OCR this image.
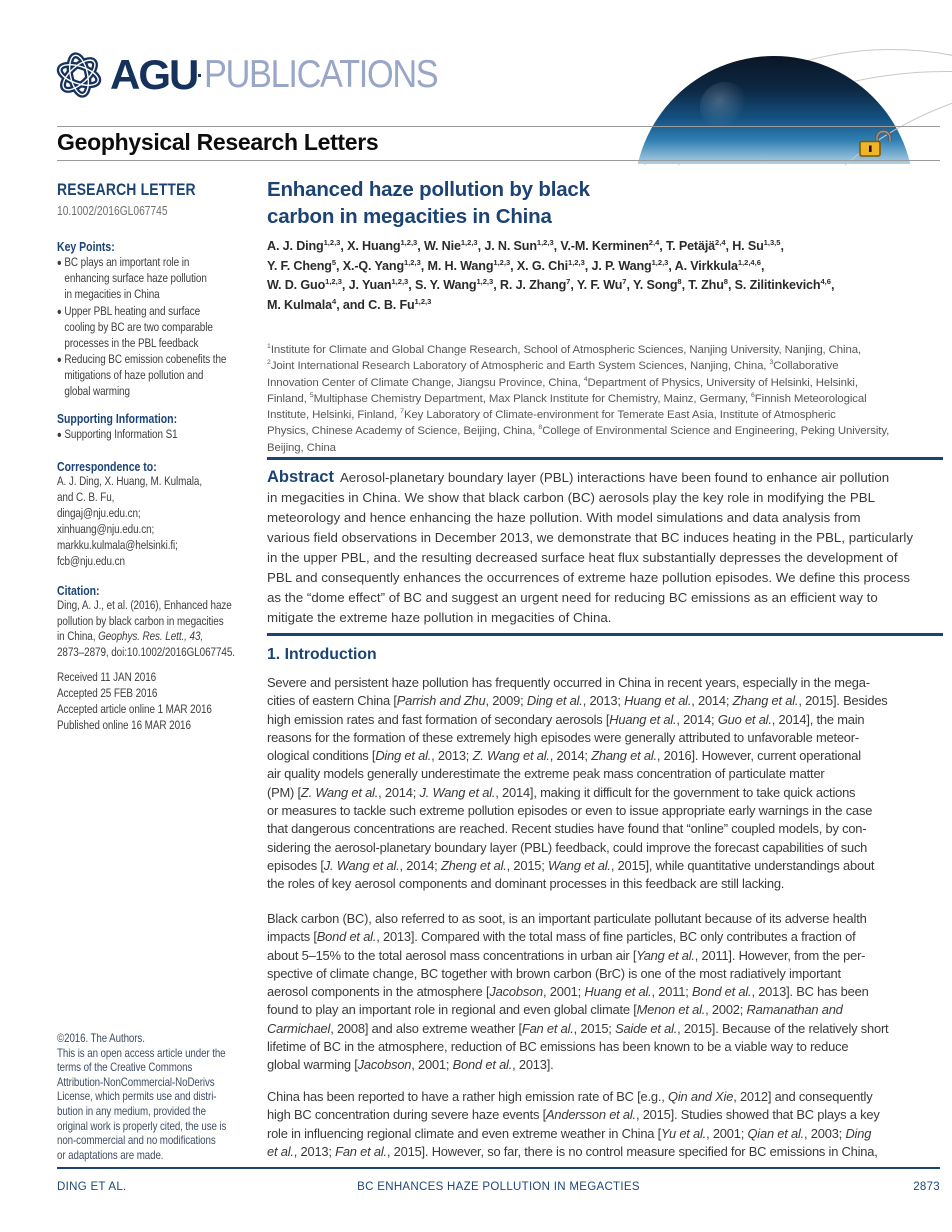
AGU PUBLICATIONS
Geophysical Research Letters
RESEARCH LETTER
10.1002/2016GL067745
Key Points:
• BC plays an important role in
enhancing surface haze pollution
in megacities in China
• Upper PBL heating and surface
cooling by BC are two comparable
processes in the PBL feedback
• Reducing BC emission cobenefits the
mitigations of haze pollution and
global warming
Supporting Information:
• Supporting Information S1
Correspondence to:
A. J. Ding, X. Huang, M. Kulmala,
and C. B. Fu,
dingaj@nju.edu.cn;
xinhuang@nju.edu.cn;
markku.kulmala@helsinki.fi;
fcb@nju.edu.cn
Citation:
Ding, A. J., et al. (2016), Enhanced haze
pollution by black carbon in megacities
in China, Geophys. Res. Lett., 43,
2873–2879, doi:10.1002/2016GL067745.
Received 11 JAN 2016
Accepted 25 FEB 2016
Accepted article online 1 MAR 2016
Published online 16 MAR 2016
©2016. The Authors.
This is an open access article under the
terms of the Creative Commons
Attribution-NonCommercial-NoDerivs
License, which permits use and distri-
bution in any medium, provided the
original work is properly cited, the use is
non-commercial and no modifications
or adaptations are made.
Enhanced haze pollution by black
carbon in megacities in China
A. J. Ding$^{1,2,3}$, X. Huang$^{1,2,3}$, W. Nie$^{1,2,3}$, J. N. Sun$^{1,2,3}$, V.-M. Kerminen$^{2,4}$, T. Petäjä$^{2,4}$, H. Su$^{1,3,5}$,
Y. F. Cheng$^5$, X.-Q. Yang$^{1,2,3}$, M. H. Wang$^{1,2,3}$, X. G. Chi$^{1,2,3}$, J. P. Wang$^{1,2,3}$, A. Virkkula$^{1,2,4,6}$,
W. D. Guo$^{1,2,3}$, J. Yuan$^{1,2,3}$, S. Y. Wang$^{1,2,3}$, R. J. Zhang$^7$, Y. F. Wu$^7$, Y. Song$^8$, T. Zhu$^8$, S. Zilitinkevich$^{4,6}$,
M. Kulmala$^4$, and C. B. Fu$^{1,2,3}$
$^1$Institute for Climate and Global Change Research, School of Atmospheric Sciences, Nanjing University, Nanjing, China,
$^2$Joint International Research Laboratory of Atmospheric and Earth System Sciences, Nanjing, China, $^3$Collaborative
Innovation Center of Climate Change, Jiangsu Province, China, $^4$Department of Physics, University of Helsinki, Helsinki,
Finland, $^5$Multiphase Chemistry Department, Max Planck Institute for Chemistry, Mainz, Germany, $^6$Finnish Meteorological
Institute, Helsinki, Finland, $^7$Key Laboratory of Climate-environment for Temerate East Asia, Institute of Atmospheric
Physics, Chinese Academy of Science, Beijing, China, $^8$College of Environmental Science and Engineering, Peking University,
Beijing, China
Abstract Aerosol-planetary boundary layer (PBL) interactions have been found to enhance air pollution
in megacities in China. We show that black carbon (BC) aerosols play the key role in modifying the PBL
meteorology and hence enhancing the haze pollution. With model simulations and data analysis from
various field observations in December 2013, we demonstrate that BC induces heating in the PBL, particularly
in the upper PBL, and the resulting decreased surface heat flux substantially depresses the development of
PBL and consequently enhances the occurrences of extreme haze pollution episodes. We define this process
as the “dome effect” of BC and suggest an urgent need for reducing BC emissions as an efficient way to
mitigate the extreme haze pollution in megacities of China.
1. Introduction
Severe and persistent haze pollution has frequently occurred in China in recent years, especially in the mega-
cities of eastern China [Parrish and Zhu, 2009; Ding et al., 2013; Huang et al., 2014; Zhang et al., 2015]. Besides
high emission rates and fast formation of secondary aerosols [Huang et al., 2014; Guo et al., 2014], the main
reasons for the formation of these extremely high episodes were generally attributed to unfavorable meteor-
ological conditions [Ding et al., 2013; Z. Wang et al., 2014; Zhang et al., 2016]. However, current operational
air quality models generally underestimate the extreme peak mass concentration of particulate matter
(PM) [Z. Wang et al., 2014; J. Wang et al., 2014], making it difficult for the government to take quick actions
or measures to tackle such extreme pollution episodes or even to issue appropriate early warnings in the case
that dangerous concentrations are reached. Recent studies have found that “online” coupled models, by con-
sidering the aerosol-planetary boundary layer (PBL) feedback, could improve the forecast capabilities of such
episodes [J. Wang et al., 2014; Zheng et al., 2015; Wang et al., 2015], while quantitative understandings about
the roles of key aerosol components and dominant processes in this feedback are still lacking.
Black carbon (BC), also referred to as soot, is an important particulate pollutant because of its adverse health
impacts [Bond et al., 2013]. Compared with the total mass of fine particles, BC only contributes a fraction of
about 5–15% to the total aerosol mass concentrations in urban air [Yang et al., 2011]. However, from the per-
spective of climate change, BC together with brown carbon (BrC) is one of the most radiatively important
aerosol components in the atmosphere [Jacobson, 2001; Huang et al., 2011; Bond et al., 2013]. BC has been
found to play an important role in regional and even global climate [Menon et al., 2002; Ramanathan and
Carmichael, 2008] and also extreme weather [Fan et al., 2015; Saide et al., 2015]. Because of the relatively short
lifetime of BC in the atmosphere, reduction of BC emissions has been known to be a viable way to reduce
global warming [Jacobson, 2001; Bond et al., 2013].
China has been reported to have a rather high emission rate of BC [e.g., Qin and Xie, 2012] and consequently
high BC concentration during severe haze events [Andersson et al., 2015]. Studies showed that BC plays a key
role in influencing regional climate and even extreme weather in China [Yu et al., 2001; Qian et al., 2003; Ding
et al., 2013; Fan et al., 2015]. However, so far, there is no control measure specified for BC emissions in China,
DING ET AL.	BC ENHANCES HAZE POLLUTION IN MEGACTIES	2873
